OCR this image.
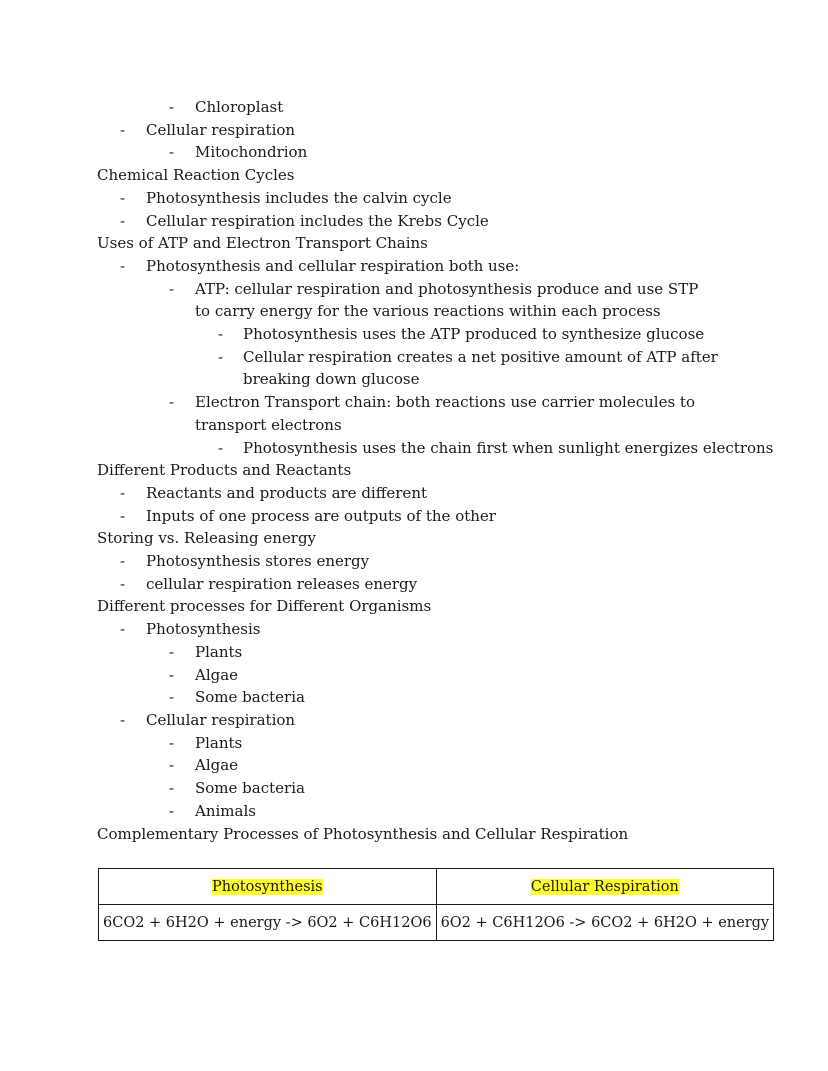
- Chloroplast
- Cellular respiration
- Mitochondrion
Chemical Reaction Cycles
- Photosynthesis includes the calvin cycle
- Cellular respiration includes the Krebs Cycle
Uses of ATP and Electron Transport Chains
- Photosynthesis and cellular respiration both use:
- ATP: cellular respiration and photosynthesis produce and use STP to carry energy for the various reactions within each process
- Photosynthesis uses the ATP produced to synthesize glucose
- Cellular respiration creates a net positive amount of ATP after breaking down glucose
- Electron Transport chain: both reactions use carrier molecules to transport electrons
- Photosynthesis uses the chain first when sunlight energizes electrons
Different Products and Reactants
- Reactants and products are different
- Inputs of one process are outputs of the other
Storing vs. Releasing energy
- Photosynthesis stores energy
- cellular respiration releases energy
Different processes for Different Organisms
- Photosynthesis
- Plants
- Algae
- Some bacteria
- Cellular respiration
- Plants
- Algae
- Some bacteria
- Animals
Complementary Processes of Photosynthesis and Cellular Respiration
Photosynthesis	Cellular Respiration
6CO2 + 6H2O + energy -> 6O2 + C6H12O6	6O2 + C6H12O6 -> 6CO2 + 6H2O + energy
